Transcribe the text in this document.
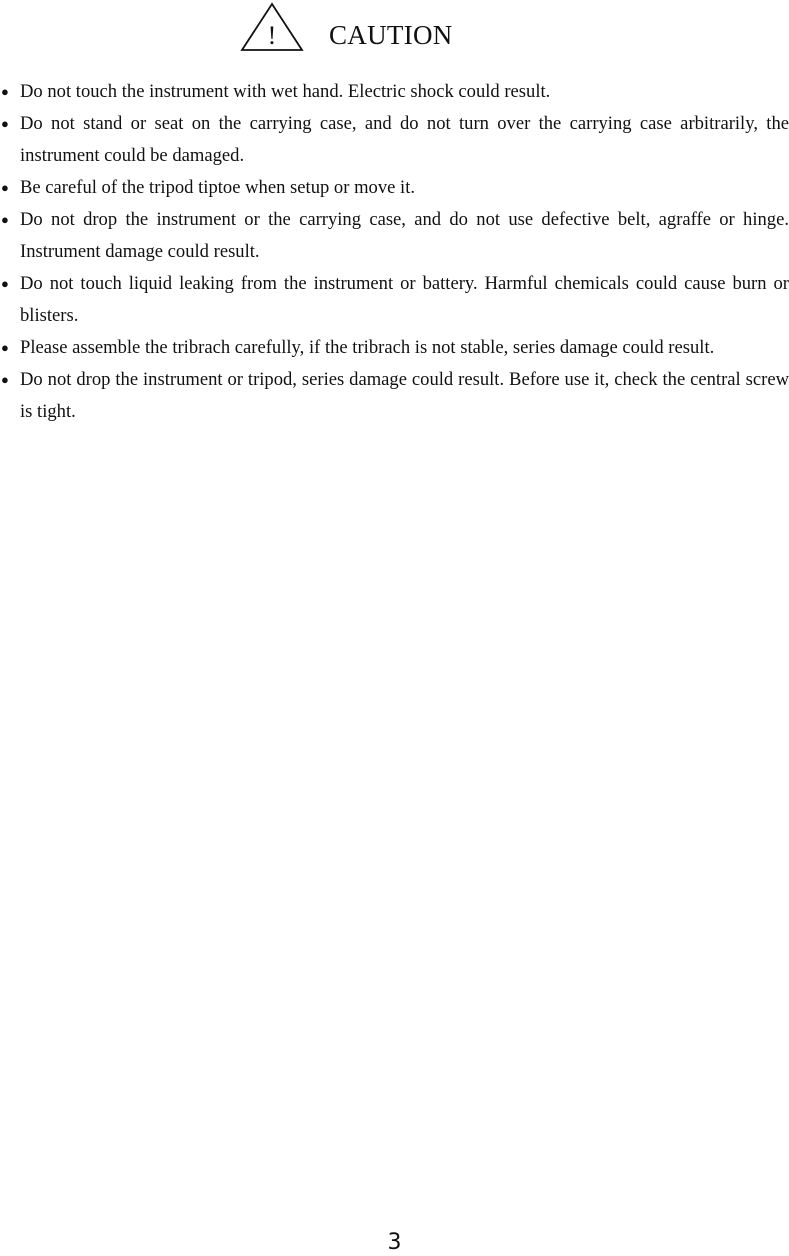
! CAUTION
● Do not touch the instrument with wet hand. Electric shock could result.
● Do not stand or seat on the carrying case, and do not turn over the carrying case arbitrarily, the instrument could be damaged.
● Be careful of the tripod tiptoe when setup or move it.
● Do not drop the instrument or the carrying case, and do not use defective belt, agraffe or hinge. Instrument damage could result.
● Do not touch liquid leaking from the instrument or battery. Harmful chemicals could cause burn or blisters.
● Please assemble the tribrach carefully, if the tribrach is not stable, series damage could result.
● Do not drop the instrument or tripod, series damage could result. Before use it, check the central screw is tight.
3
